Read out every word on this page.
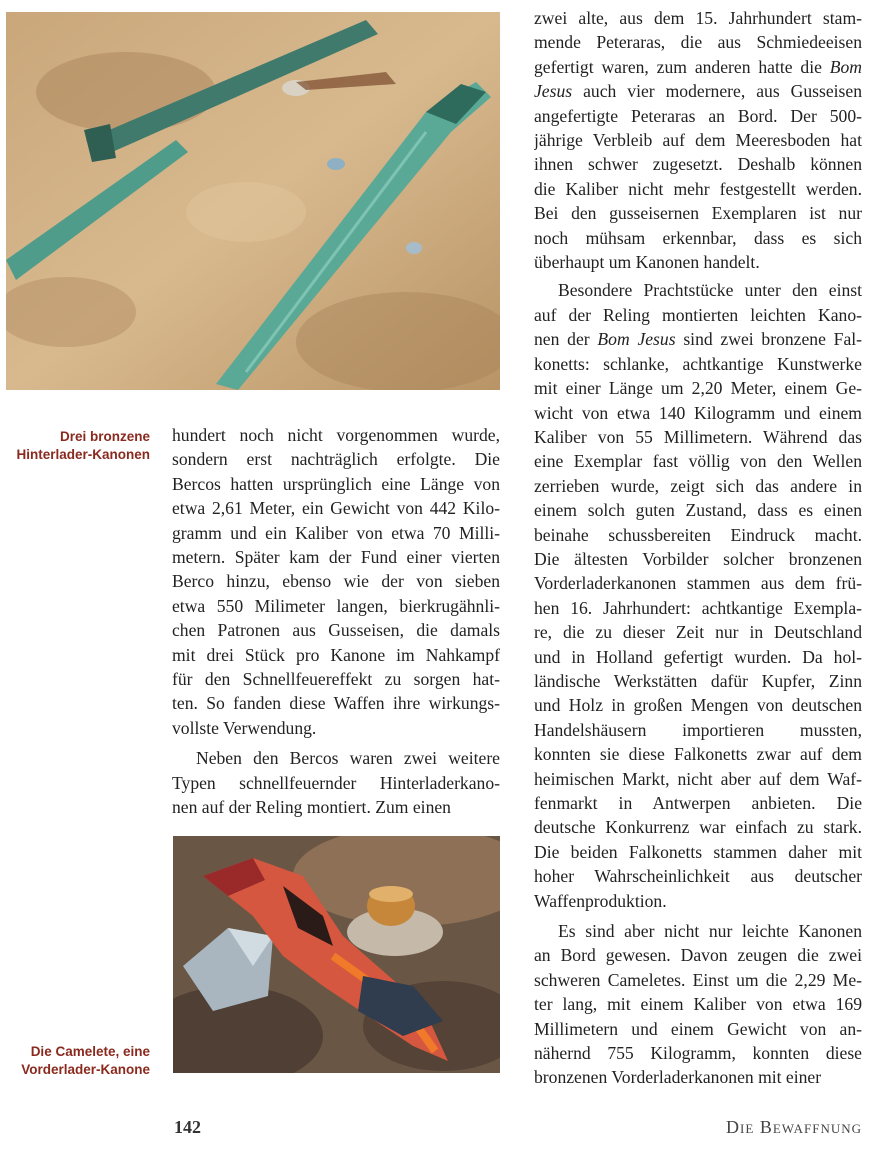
Drei bronzene
Hinterlader-Kanonen
Die Camelete, eine
Vorderlader-Kanone
hundert noch nicht vorgenommen wurde,
sondern erst nachträglich erfolgte. Die
Bercos hatten ursprünglich eine Länge von
etwa 2,61 Meter, ein Gewicht von 442 Kilo-
gramm und ein Kaliber von etwa 70 Milli-
metern. Später kam der Fund einer vierten
Berco hinzu, ebenso wie der von sieben
etwa 550 Milimeter langen, bierkrugähnli-
chen Patronen aus Gusseisen, die damals
mit drei Stück pro Kanone im Nahkampf
für den Schnellfeuereffekt zu sorgen hat-
ten. So fanden diese Waffen ihre wirkungs-
vollste Verwendung.
Neben den Bercos waren zwei weitere
Typen schnellfeuernder Hinterladerkano-
nen auf der Reling montiert. Zum einen
zwei alte, aus dem 15. Jahrhundert stam-
mende Peteraras, die aus Schmiedeeisen
gefertigt waren, zum anderen hatte die Bom
Jesus auch vier modernere, aus Gusseisen
angefertigte Peteraras an Bord. Der 500-
jährige Verbleib auf dem Meeresboden hat
ihnen schwer zugesetzt. Deshalb können
die Kaliber nicht mehr festgestellt werden.
Bei den gusseisernen Exemplaren ist nur
noch mühsam erkennbar, dass es sich
überhaupt um Kanonen handelt.
Besondere Prachtstücke unter den einst
auf der Reling montierten leichten Kano-
nen der Bom Jesus sind zwei bronzene Fal-
konetts: schlanke, achtkantige Kunstwerke
mit einer Länge um 2,20 Meter, einem Ge-
wicht von etwa 140 Kilogramm und einem
Kaliber von 55 Millimetern. Während das
eine Exemplar fast völlig von den Wellen
zerrieben wurde, zeigt sich das andere in
einem solch guten Zustand, dass es einen
beinahe schussbereiten Eindruck macht.
Die ältesten Vorbilder solcher bronzenen
Vorderladerkanonen stammen aus dem frü-
hen 16. Jahrhundert: achtkantige Exempla-
re, die zu dieser Zeit nur in Deutschland
und in Holland gefertigt wurden. Da hol-
ländische Werkstätten dafür Kupfer, Zinn
und Holz in großen Mengen von deutschen
Handelshäusern importieren mussten,
konnten sie diese Falkonetts zwar auf dem
heimischen Markt, nicht aber auf dem Waf-
fenmarkt in Antwerpen anbieten. Die
deutsche Konkurrenz war einfach zu stark.
Die beiden Falkonetts stammen daher mit
hoher Wahrscheinlichkeit aus deutscher
Waffenproduktion.
Es sind aber nicht nur leichte Kanonen
an Bord gewesen. Davon zeugen die zwei
schweren Cameletes. Einst um die 2,29 Me-
ter lang, mit einem Kaliber von etwa 169
Millimetern und einem Gewicht von an-
nähernd 755 Kilogramm, konnten diese
bronzenen Vorderladerkanonen mit einer
142	Die Bewaffnung
